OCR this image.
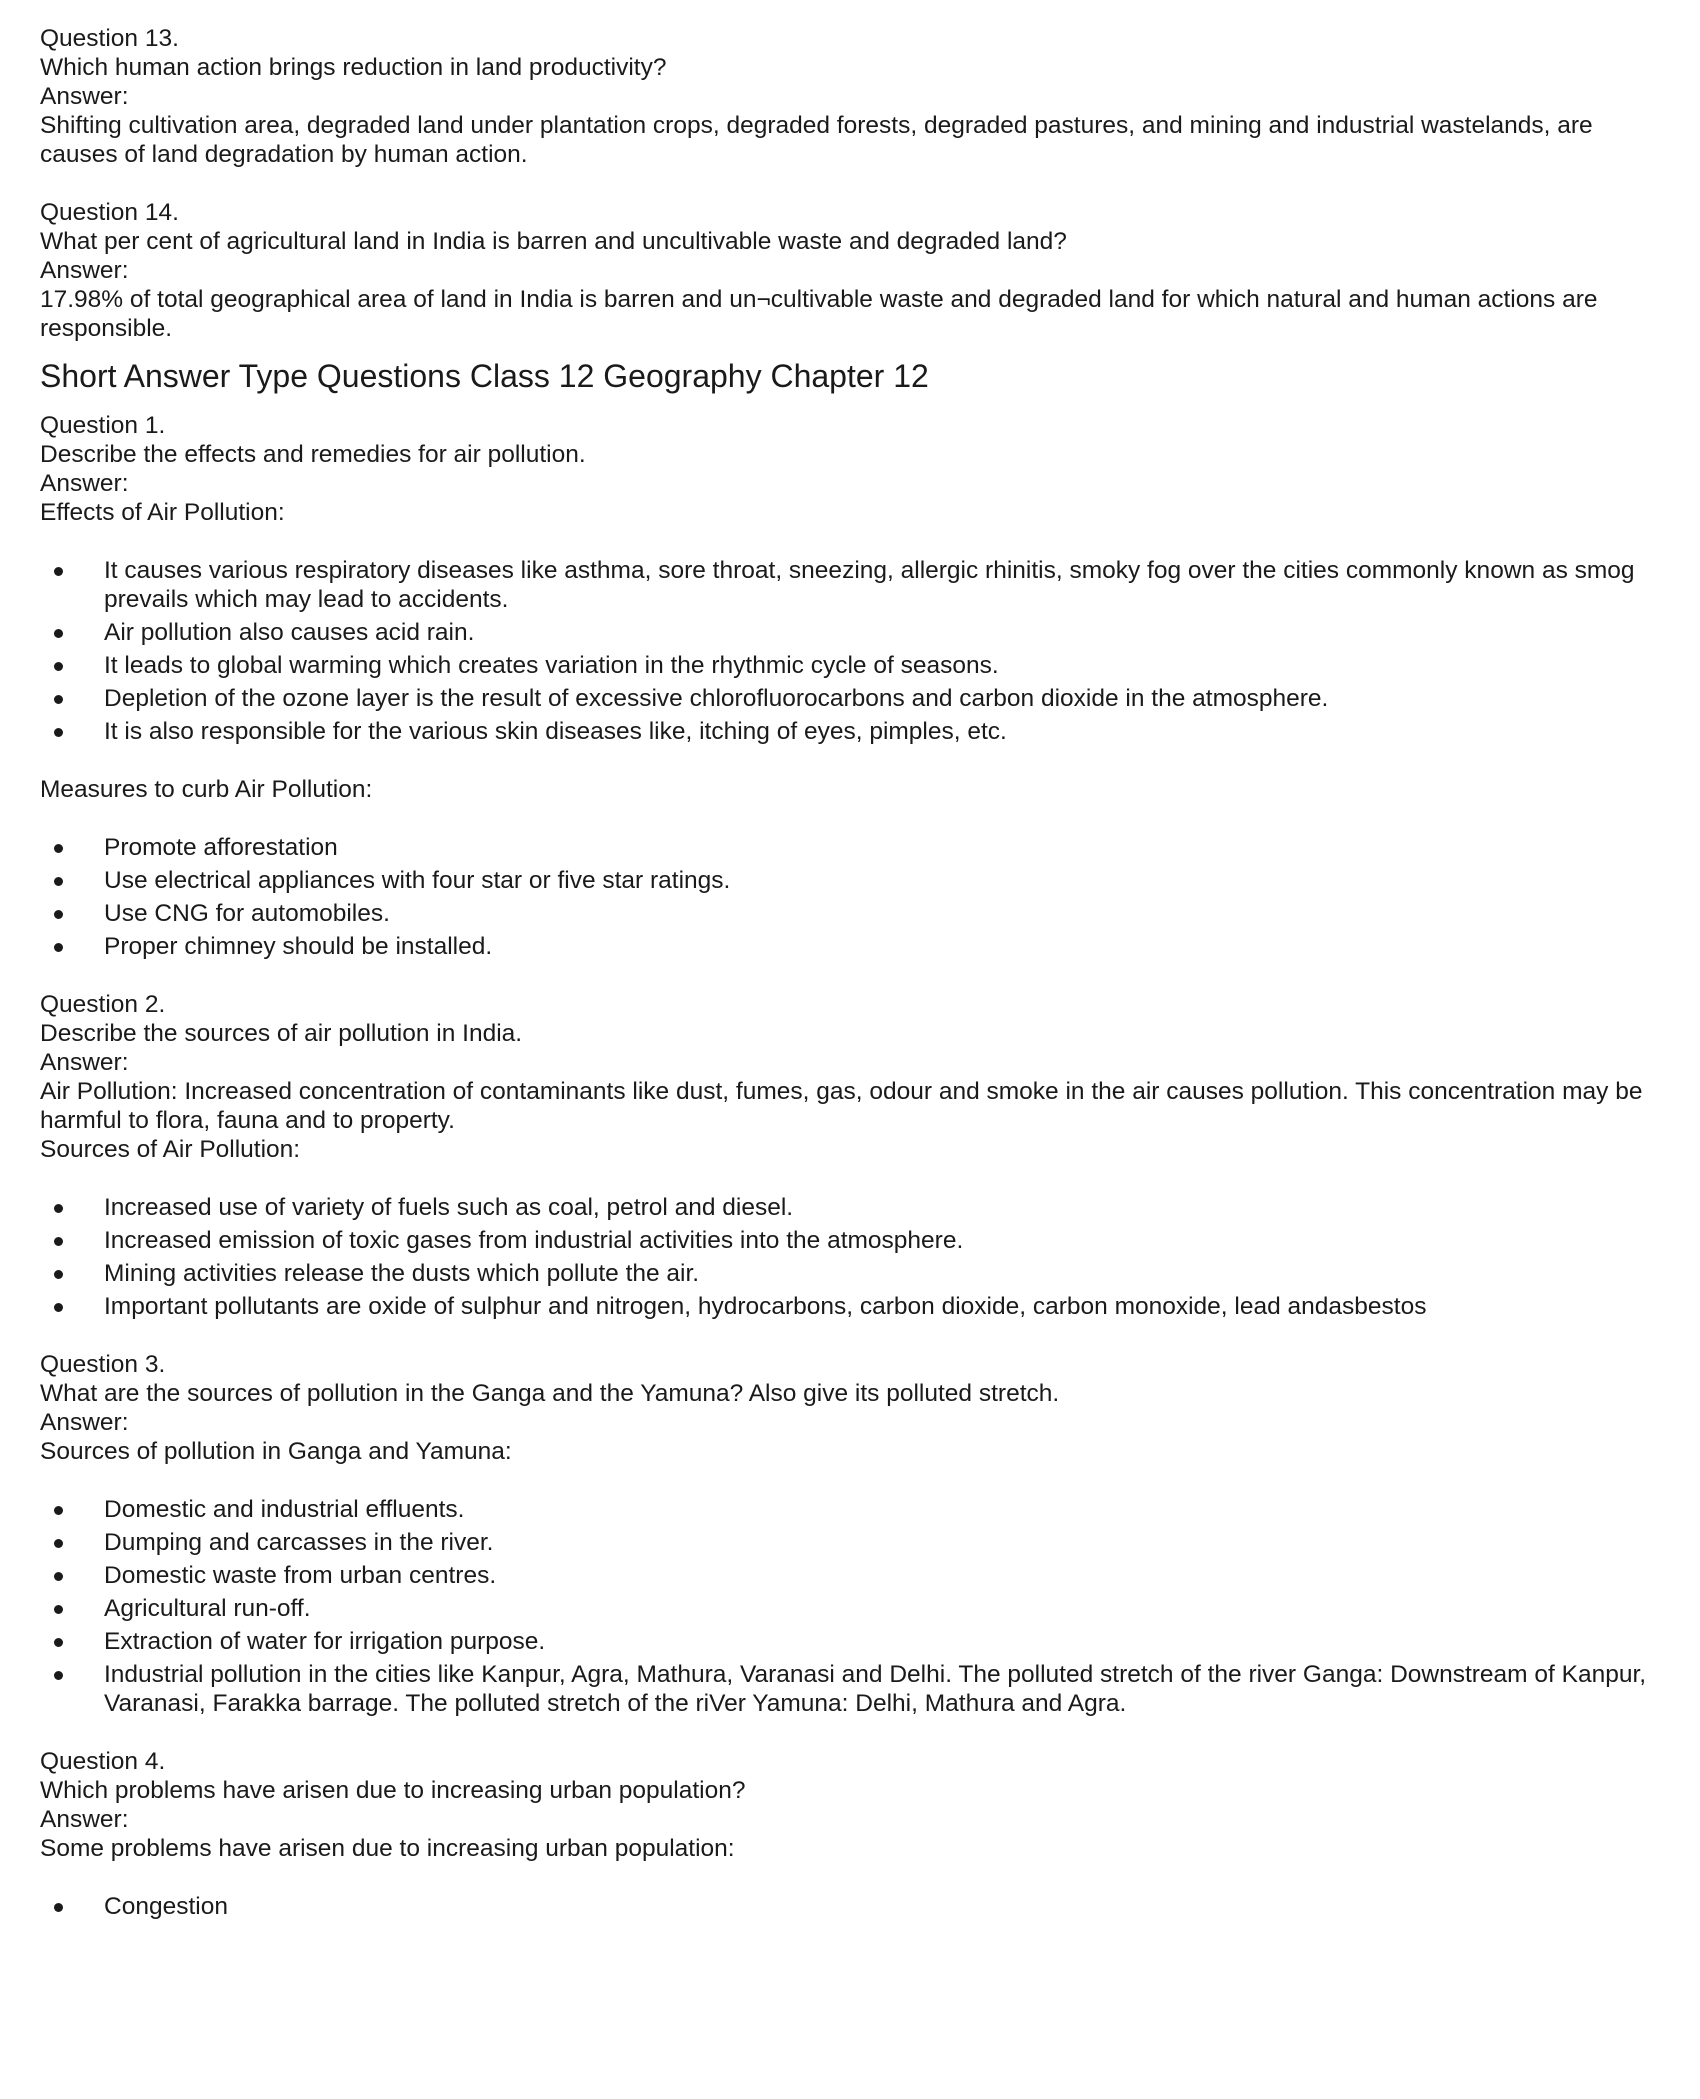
Question 13.
Which human action brings reduction in land productivity?
Answer:

Shifting cultivation area, degraded land under plantation crops, degraded forests, degraded pastures, and mining and industrial wastelands, are causes of land degradation by human action.

Question 14.
What per cent of agricultural land in India is barren and uncultivable waste and degraded land?
Answer:

17.98% of total geographical area of land in India is barren and un¬cultivable waste and degraded land for which natural and human actions are responsible.

Short Answer Type Questions Class 12 Geography Chapter 12
Question 1.
Describe the effects and remedies for air pollution.
Answer:
Effects of Air Pollution:
It causes various respiratory diseases like asthma, sore throat, sneezing, allergic rhinitis, smoky fog over the cities commonly known as smog prevails which may lead to accidents.
Air pollution also causes acid rain.
It leads to global warming which creates variation in the rhythmic cycle of seasons.
Depletion of the ozone layer is the result of excessive chlorofluorocarbons and carbon dioxide in the atmosphere.
It is also responsible for the various skin diseases like, itching of eyes, pimples, etc.
Measures to curb Air Pollution:
Promote afforestation
Use electrical appliances with four star or five star ratings.
Use CNG for automobiles.
Proper chimney should be installed.
Question 2.
Describe the sources of air pollution in India.
Answer:

Air Pollution: Increased concentration of contaminants like dust, fumes, gas, odour and smoke in the air causes pollution. This concentration may be harmful to flora, fauna and to property.

Sources of Air Pollution:
Increased use of variety of fuels such as coal, petrol and diesel.
Increased emission of toxic gases from industrial activities into the atmosphere.
Mining activities release the dusts which pollute the air.
Important pollutants are oxide of sulphur and nitrogen, hydrocarbons, carbon dioxide, carbon monoxide, lead andasbestos
Question 3.
What are the sources of pollution in the Ganga and the Yamuna? Also give its polluted stretch.
Answer:
Sources of pollution in Ganga and Yamuna:
Domestic and industrial effluents.
Dumping and carcasses in the river.
Domestic waste from urban centres.
Agricultural run-off.
Extraction of water for irrigation purpose.
Industrial pollution in the cities like Kanpur, Agra, Mathura, Varanasi and Delhi. The polluted stretch of the river Ganga: Downstream of Kanpur, Varanasi, Farakka barrage. The polluted stretch of the riVer Yamuna: Delhi, Mathura and Agra.
Question 4.
Which problems have arisen due to increasing urban population?
Answer:
Some problems have arisen due to increasing urban population:
Congestion
